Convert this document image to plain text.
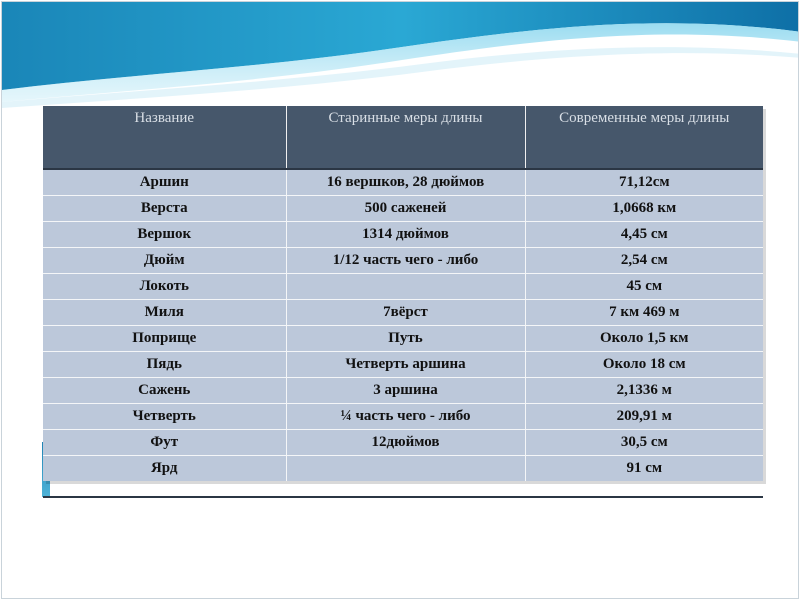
Название	Старинные меры длины	Современные меры длины
Аршин	16 вершков, 28 дюймов	71,12см
Верста	500 саженей	1,0668 км
Вершок	1314 дюймов	4,45 см
Дюйм	1/12 часть чего - либо	2,54 см
Локоть		45 см
Миля	7вёрст	7 км 469 м
Поприще	Путь	Около 1,5 км
Пядь	Четверть аршина	Около 18 см
Сажень	3 аршина	2,1336 м
Четверть	¼ часть чего - либо	209,91 м
Фут	12дюймов	30,5 см
Ярд		91 см
